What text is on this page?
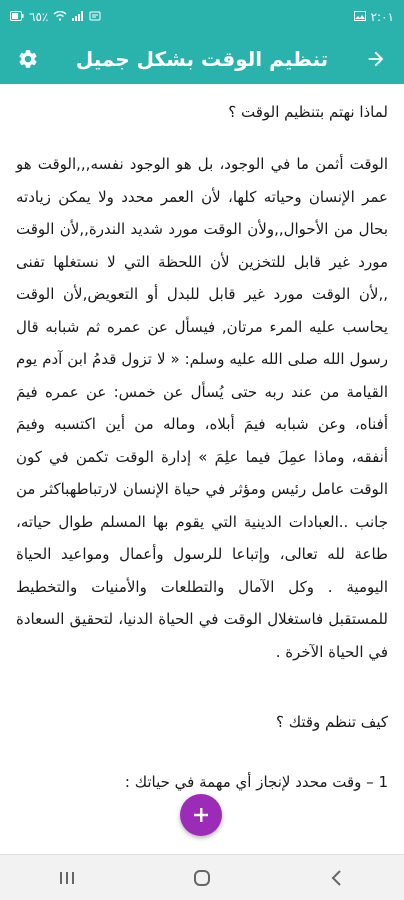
٦٥٪	٢:٠١
تنظيم الوقت بشكل جميل

لماذا نهتم بتنظيم الوقت ؟

الوقت أثمن ما في الوجود، بل هو الوجود نفسه,,,الوقت هو عمر الإنسان وحياته كلها، لأن العمر محدد ولا يمكن زيادته بحال من الأحوال,,ولأن الوقت مورد شديد الندرة,,لأن الوقت مورد غير قابل للتخزين لأن اللحظة التي لا نستغلها تفنى ,,لأن الوقت مورد غير قابل للبدل أو التعويض,لأن الوقت يحاسب عليه المرء مرتان, فيسأل عن عمره ثم شبابه قال رسول الله صلى الله عليه وسلم: « لا تزول قدمُ ابن آدم يوم القيامة من عند ربه حتى يُسأل عن خمس: عن عمره فيمَ أفناه، وعن شبابه فيمَ أبلاه، وماله من أين اكتسبه وفيمَ أنفقه، وماذا عمِلَ فيما علِمَ » إدارة الوقت تكمن في كون الوقت عامل رئيس ومؤثر في حياة الإنسان لارتباطهباكثر من جانب ..العبادات الدينية التي يقوم بها المسلم طوال حياته، طاعة لله تعالى، وإتباعا للرسول وأعمال ومواعيد الحياة اليومية . وكل الآمال والتطلعات والأمنيات والتخطيط للمستقبل فاستغلال الوقت في الحياة الدنيا، لتحقيق السعادة في الحياة الآخرة .

كيف تنظم وقتك ؟

1 – وقت محدد لإنجاز أي مهمة في حياتك :
